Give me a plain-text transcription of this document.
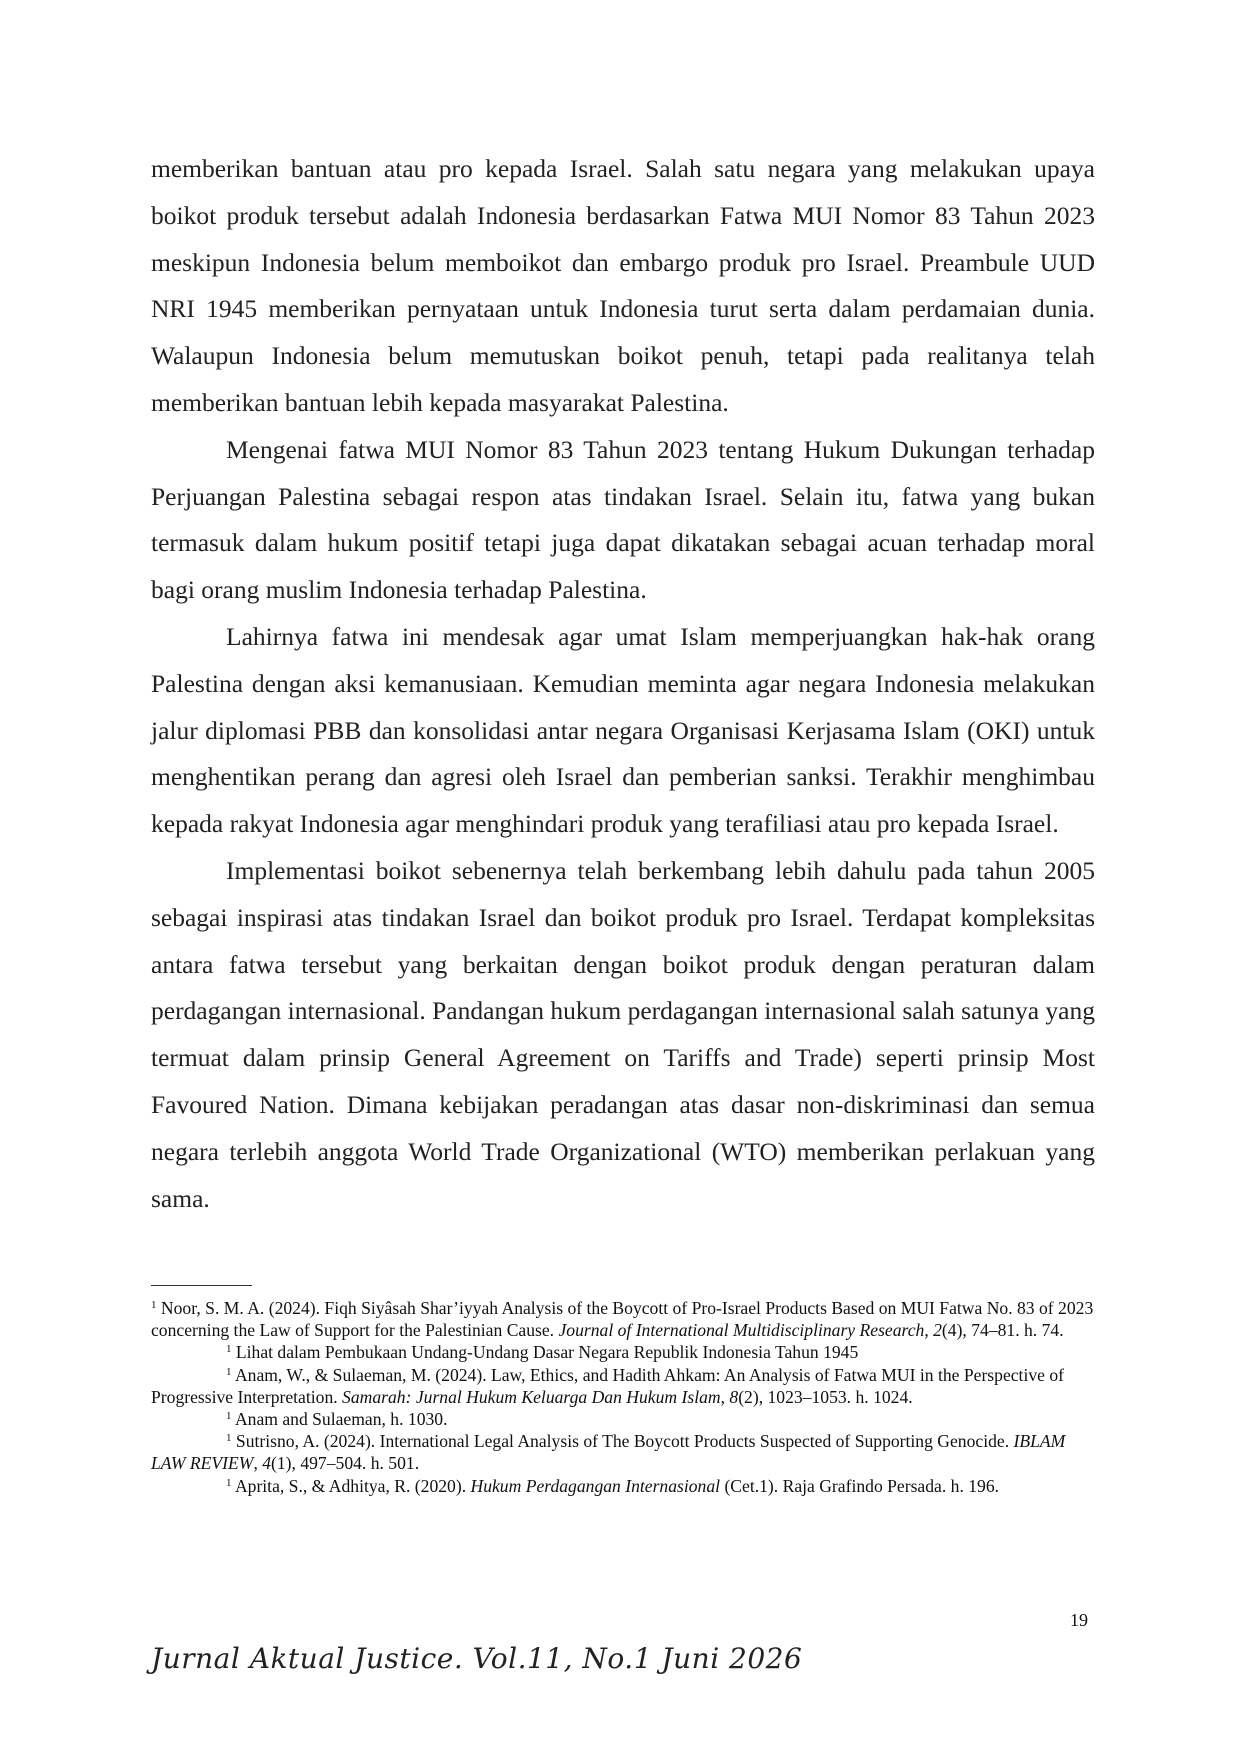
memberikan bantuan atau pro kepada Israel. Salah satu negara yang melakukan upaya boikot produk tersebut adalah Indonesia berdasarkan Fatwa MUI Nomor 83 Tahun 2023 meskipun Indonesia belum memboikot dan embargo produk pro Israel. Preambule UUD NRI 1945 memberikan pernyataan untuk Indonesia turut serta dalam perdamaian dunia. Walaupun Indonesia belum memutuskan boikot penuh, tetapi pada realitanya telah memberikan bantuan lebih kepada masyarakat Palestina.

Mengenai fatwa MUI Nomor 83 Tahun 2023 tentang Hukum Dukungan terhadap Perjuangan Palestina sebagai respon atas tindakan Israel. Selain itu, fatwa yang bukan termasuk dalam hukum positif tetapi juga dapat dikatakan sebagai acuan terhadap moral bagi orang muslim Indonesia terhadap Palestina.

Lahirnya fatwa ini mendesak agar umat Islam memperjuangkan hak-hak orang Palestina dengan aksi kemanusiaan. Kemudian meminta agar negara Indonesia melakukan jalur diplomasi PBB dan konsolidasi antar negara Organisasi Kerjasama Islam (OKI) untuk menghentikan perang dan agresi oleh Israel dan pemberian sanksi. Terakhir menghimbau kepada rakyat Indonesia agar menghindari produk yang terafiliasi atau pro kepada Israel.

Implementasi boikot sebenernya telah berkembang lebih dahulu pada tahun 2005 sebagai inspirasi atas tindakan Israel dan boikot produk pro Israel. Terdapat kompleksitas antara fatwa tersebut yang berkaitan dengan boikot produk dengan peraturan dalam perdagangan internasional. Pandangan hukum perdagangan internasional salah satunya yang termuat dalam prinsip General Agreement on Tariffs and Trade) seperti prinsip Most Favoured Nation. Dimana kebijakan peradangan atas dasar non-diskriminasi dan semua negara terlebih anggota World Trade Organizational (WTO) memberikan perlakuan yang sama.

$^1$ Noor, S. M. A. (2024). Fiqh Siyâsah Shar’iyyah Analysis of the Boycott of Pro-Israel Products Based on MUI Fatwa No. 83 of 2023 concerning the Law of Support for the Palestinian Cause. Journal of International Multidisciplinary Research, 2(4), 74–81. h. 74.

$^1$ Lihat dalam Pembukaan Undang-Undang Dasar Negara Republik Indonesia Tahun 1945

$^1$ Anam, W., & Sulaeman, M. (2024). Law, Ethics, and Hadith Ahkam: An Analysis of Fatwa MUI in the Perspective of Progressive Interpretation. Samarah: Jurnal Hukum Keluarga Dan Hukum Islam, 8(2), 1023–1053. h. 1024.

$^1$ Anam and Sulaeman, h. 1030.

$^1$ Sutrisno, A. (2024). International Legal Analysis of The Boycott Products Suspected of Supporting Genocide. IBLAM LAW REVIEW, 4(1), 497–504. h. 501.

$^1$ Aprita, S., & Adhitya, R. (2020). Hukum Perdagangan Internasional (Cet.1). Raja Grafindo Persada. h. 196.

19
Jurnal Aktual Justice. Vol.11, No.1 Juni 2026
